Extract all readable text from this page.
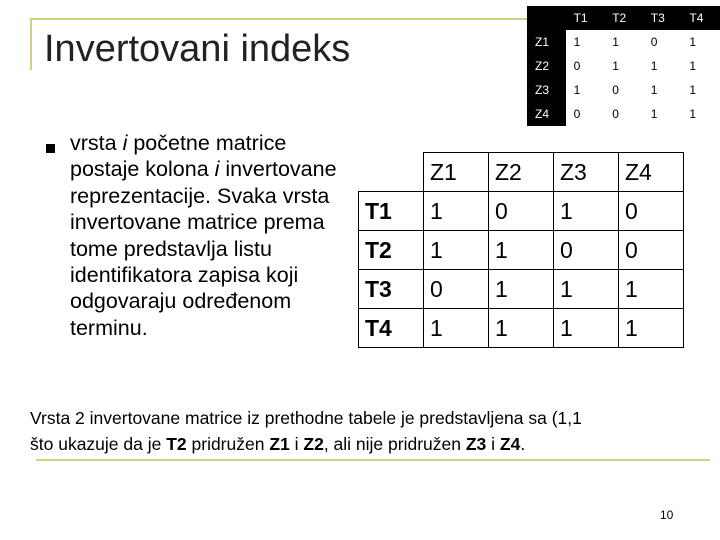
Invertovani indeks
vrsta i početne matrice postaje kolona i invertovane reprezentacije. Svaka vrsta invertovane matrice prema tome predstavlja listu identifikatora zapisa koji odgovaraju određenom terminu.
	T1	T2	T3	T4
Z1	1	1	0	1
Z2	0	1	1	1
Z3	1	0	1	1
Z4	0	0	1	1
	Z1	Z2	Z3	Z4
T1	1	0	1	0
T2	1	1	0	0
T3	0	1	1	1
T4	1	1	1	1
Vrsta 2 invertovane matrice iz prethodne tabele je predstavljena sa (1,1
što ukazuje da je T2 pridružen Z1 i Z2, ali nije pridružen Z3 i Z4.
10
